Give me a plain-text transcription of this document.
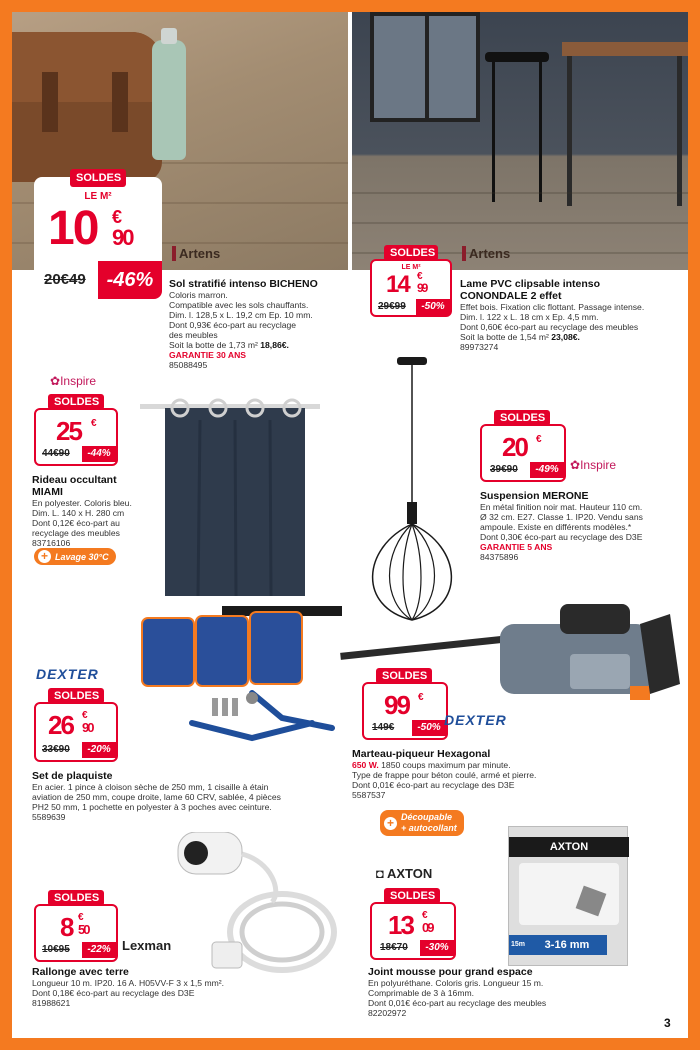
SOLDES
LE M²
10 €
90
20€49	-46%
Artens
Sol stratifié intenso BICHENO
Coloris marron.
Compatible avec les sols chauffants.
Dim. l. 128,5 x L. 19,2 cm Ep. 10 mm.
Dont 0,93€ éco-part au recyclage
des meubles
Soit la botte de 1,73 m² 18,86€.
GARANTIE 30 ANS
85088495
SOLDES
LE M²
14 €
99
29€99	-50%
Artens
Lame PVC clipsable intenso
CONONDALE 2 effet
Effet bois. Fixation clic flottant. Passage intense.
Dim. l. 122 x L. 18 cm x Ep. 4,5 mm.
Dont 0,60€ éco-part au recyclage des meubles
Soit la botte de 1,54 m² 23,08€.
89973274
✿Inspire
SOLDES
25 €
44€90	-44%
Rideau occultant
MIAMI
En polyester. Coloris bleu.
Dim. L. 140 x H. 280 cm
Dont 0,12€ éco-part au
recyclage des meubles
83716106
+ Lavage 30°C
SOLDES
20 €
39€90	-49% ✿Inspire
Suspension MERONE
En métal finition noir mat. Hauteur 110 cm.
Ø 32 cm. E27. Classe 1. IP20. Vendu sans
ampoule. Existe en différents modèles.*
Dont 0,30€ éco-part au recyclage des D3E
GARANTIE 5 ANS
84375896
DEXTER
SOLDES
26 €
90
33€90	-20%
Set de plaquiste
En acier. 1 pince à cloison sèche de 250 mm, 1 cisaille à étain
aviation de 250 mm, coupe droite, lame 60 CRV, sablée, 4 pièces
PH2 50 mm, 1 pochette en polyester à 3 poches avec ceinture.
5589639
SOLDES
99 €
149€	-50% DEXTER
Marteau-piqueur Hexagonal
650 W. 1850 coups maximum par minute.
Type de frappe pour béton coulé, armé et pierre.
Dont 0,01€ éco-part au recyclage des D3E
5587537
SOLDES
8 €
50
10€95	-22% Lexman
Rallonge avec terre
Longueur 10 m. IP20. 16 A. H05VV-F 3 x 1,5 mm².
Dont 0,18€ éco-part au recyclage des D3E
81988621
+ Découpable
+ autocollant
◘ AXTON
SOLDES
13 €
09
18€70	-30%
AXTON
15m	3-16 mm
Joint mousse pour grand espace
En polyuréthane. Coloris gris. Longueur 15 m.
Comprimable de 3 à 16mm.
Dont 0,01€ éco-part au recyclage des meubles
82202972
3
